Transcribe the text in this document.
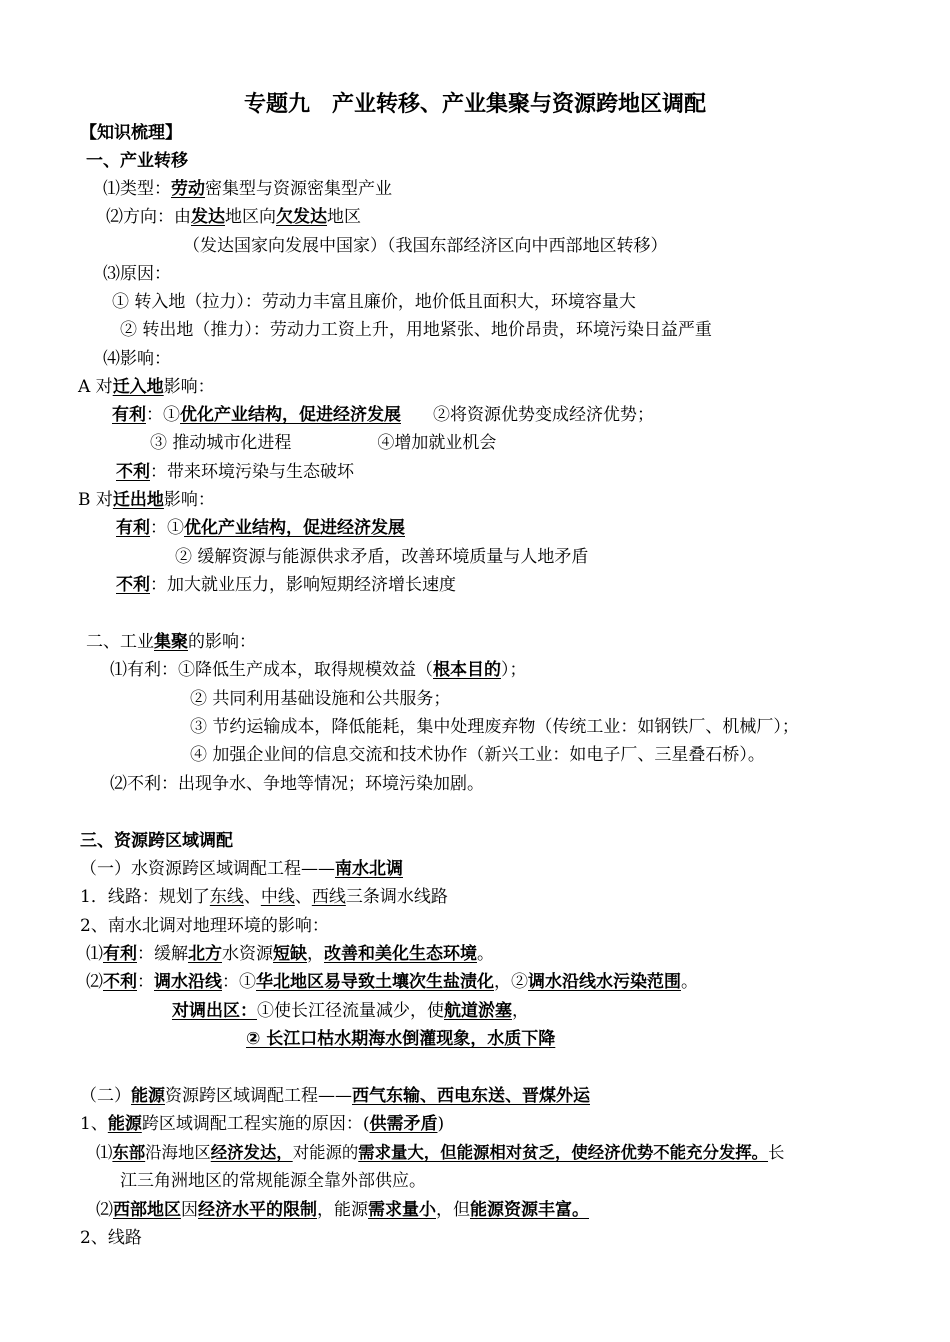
专题九　产业转移、产业集聚与资源跨地区调配
【知识梳理】
一、产业转移
⑴类型：劳动密集型与资源密集型产业
⑵方向：由发达地区向欠发达地区
（发达国家向发展中国家）（我国东部经济区向中西部地区转移）
⑶原因：
① 转入地（拉力）：劳动力丰富且廉价，地价低且面积大，环境容量大
② 转出地（推力）：劳动力工资上升，用地紧张、地价昂贵，环境污染日益严重
⑷影响：
A 对迁入地影响：
有利：①优化产业结构，促进经济发展 ②将资源优势变成经济优势；
③ 推动城市化进程	④增加就业机会
不利：带来环境污染与生态破坏
B 对迁出地影响：
有利：①优化产业结构，促进经济发展
② 缓解资源与能源供求矛盾，改善环境质量与人地矛盾
不利：加大就业压力，影响短期经济增长速度
二、工业集聚的影响：
⑴有利：①降低生产成本，取得规模效益（根本目的）；
② 共同利用基础设施和公共服务；
③ 节约运输成本，降低能耗，集中处理废弃物（传统工业：如钢铁厂、机械厂）；
④ 加强企业间的信息交流和技术协作（新兴工业：如电子厂、三星叠石桥）。
⑵不利：出现争水、争地等情况；环境污染加剧。
三、资源跨区域调配
（一）水资源跨区域调配工程——南水北调
1．线路：规划了东线、中线、西线三条调水线路
2、南水北调对地理环境的影响：
⑴有利：缓解北方水资源短缺，改善和美化生态环境。
⑵不利：调水沿线：①华北地区易导致土壤次生盐渍化，②调水沿线水污染范围。
对调出区：①使长江径流量减少，使航道淤塞，
② 长江口枯水期海水倒灌现象，水质下降
（二）能源资源跨区域调配工程——西气东输、西电东送、晋煤外运
1、能源跨区域调配工程实施的原因：(供需矛盾)
⑴东部沿海地区经济发达，对能源的需求量大，但能源相对贫乏，使经济优势不能充分发挥。长
江三角洲地区的常规能源全靠外部供应。
⑵西部地区因经济水平的限制，能源需求量小，但能源资源丰富。
2、线路
